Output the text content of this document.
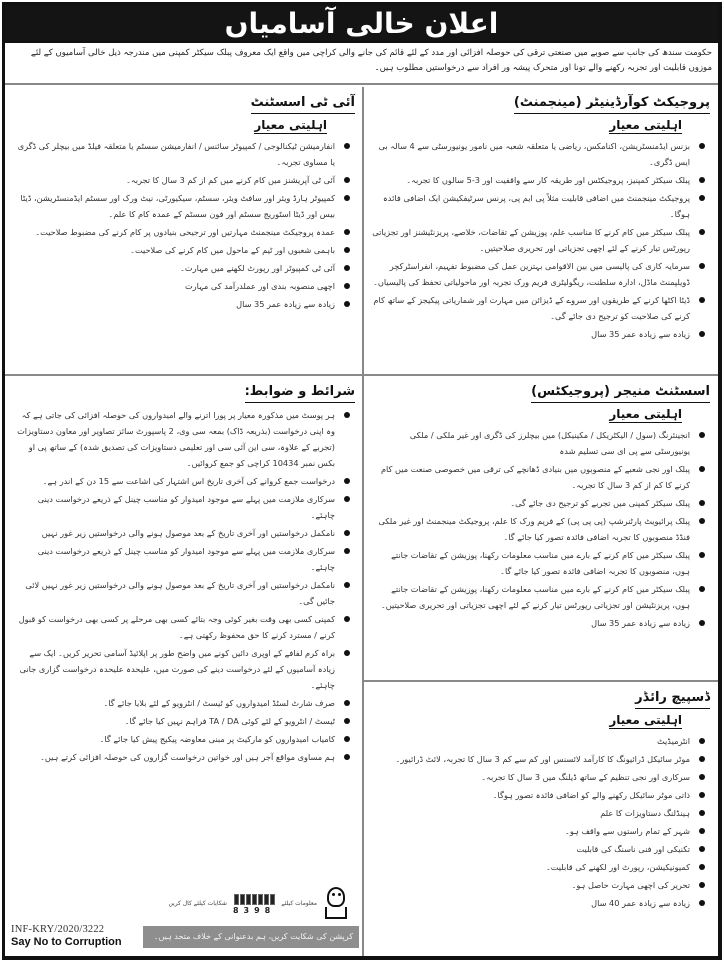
اعلان خالی آسامیاں
حکومت سندھ کی جانب سے صوبے میں صنعتی ترقی کی حوصلہ افزائی اور مدد کے لئے قائم کی جانے والی کراچی میں واقع ایک معروف پبلک سیکٹر کمپنی میں مندرجہ ذیل خالی آسامیوں کے لئے موزوں قابلیت اور تجربہ رکھنے والے تونا اور متحرک پیشہ ور افراد سے درخواستیں مطلوب ہیں۔
پروجیکٹ کوآرڈینیٹر (مینجمنٹ)
اہلیتی معیار
بزنس ایڈمنسٹریشن، اکنامکس، ریاضی یا متعلقہ شعبہ میں نامور یونیورسٹی سے 4 سالہ بی ایس ڈگری۔
پبلک سیکٹر کمپنیز، پروجیکٹس اور طریقہ کار سے واقفیت اور 3-5 سالوں کا تجربہ۔
پروجیکٹ مینجمنٹ میں اضافی قابلیت مثلاً پی ایم پی، پرنس سرٹیفکیشن ایک اضافی فائدہ ہوگا۔
پبلک سیکٹر میں کام کرنے کا مناسب علم، پوزیشن کے تقاضات، خلاصے، پریزنٹیشنز اور تجزیاتی رپورٹس تیار کرنے کے لئے اچھی تجزیاتی اور تحریری صلاحیتیں۔
سرمایہ کاری کی پالیسی میں بین الاقوامی بہترین عمل کی مضبوط تفہیم، انفراسٹرکچر ڈویلپمنٹ ماڈل، ادارہ سلطنت، ریگولیٹری فریم ورک تجربہ اور ماحولیاتی تحفظ کی پالیسیاں۔
ڈیٹا اکٹھا کرنے کے طریقوں اور سروے کے ڈیزائن میں مہارت اور شماریاتی پیکیجز کے ساتھ کام کرنے کی صلاحیت کو ترجیح دی جائے گی۔
زیادہ سے زیادہ عمر 35 سال
اسسٹنٹ منیجر (پروجیکٹس)
اہلیتی معیار
انجینئرنگ (سول / الیکٹریکل / مکینیکل) میں بیچلرز کی ڈگری اور غیر ملکی / ملکی یونیورسٹی سے پی ای سی تسلیم شدہ
پبلک اور نجی شعبے کے منصوبوں میں بنیادی ڈھانچے کی ترقی میں خصوصی صنعت میں کام کرنے کا کم از کم 3 سال کا تجربہ۔
پبلک سیکٹر کمپنی میں تجربے کو ترجیح دی جائے گی۔
پبلک پرائیویٹ پارٹنرشپ (پی پی پی) کے فریم ورک کا علم، پروجیکٹ مینجمنٹ اور غیر ملکی فنڈڈ منصوبوں کا تجربہ اضافی فائدہ تصور کیا جائے گا۔
پبلک سیکٹر میں کام کرنے کے بارے میں مناسب معلومات رکھنا، پوزیشن کے تقاضات جانتے ہوں، منصوبوں کا تجربہ اضافی فائدہ تصور کیا جائے گا۔
پبلک سیکٹر میں کام کرنے کے بارے میں مناسب معلومات رکھنا، پوزیشن کے تقاضات جانتے ہوں، پریزنٹیشن اور تجزیاتی رپورٹس تیار کرنے کے لئے اچھی تجزیاتی اور تحریری صلاحیتیں۔
زیادہ سے زیادہ عمر 35 سال
ڈسپیچ رائڈر
اہلیتی معیار
انٹرمیڈیٹ
موٹر سائیکل ڈرائیونگ کا کارآمد لائسنس اور کم سے کم 3 سال کا تجربہ، لائٹ ڈرائیور۔
سرکاری اور نجی تنظیم کے ساتھ ڈیلنگ میں 3 سال کا تجربہ۔
ذاتی موٹر سائیکل رکھنے والے کو اضافی فائدہ تصور ہوگا۔
ہینڈلنگ دستاویزات کا علم
شہر کے تمام راستوں سے واقف ہو۔
تکنیکی اور فنی ناسنگ کی قابلیت
کمیونیکیشن، رپورٹ اور لکھنے کی قابلیت۔
تحریر کی اچھی مہارت حاصل ہو۔
زیادہ سے زیادہ عمر 40 سال
آئی ٹی اسسٹنٹ
اہلیتی معیار
انفارمیشن ٹیکنالوجی / کمپیوٹر سائنس / انفارمیشن سسٹم یا متعلقہ فیلڈ میں بیچلر کی ڈگری یا مساوی تجربہ۔
آئی ٹی آپریشنز میں کام کرنے میں کم از کم 3 سال کا تجربہ۔
کمپیوٹر ہارڈ ویئر اور سافٹ ویئر، سسٹم، سیکیورٹی، نیٹ ورک اور سسٹم ایڈمنسٹریشن، ڈیٹا بیس اور ڈیٹا اسٹوریج سسٹم اور فون سسٹم کے عمدہ کام کا علم۔
عمدہ پروجیکٹ مینجمنٹ مہارتیں اور ترجیحی بنیادوں پر کام کرنے کی مضبوط صلاحیت۔
باہمی شعبوں اور ٹیم کے ماحول میں کام کرنے کی صلاحیت۔
آئی ٹی کمپیوٹر اور رپورٹ لکھنے میں مہارت۔
اچھی منصوبہ بندی اور عملدرآمد کی مہارت
زیادہ سے زیادہ عمر 35 سال
شرائط و ضوابط:
ہر پوسٹ میں مذکورہ معیار پر پورا اترنے والے امیدواروں کی حوصلہ افزائی کی جاتی ہے کہ وہ اپنی درخواست (بذریعہ ڈاک) بمعہ سی وی، 2 پاسپورٹ سائز تصاویر اور معاون دستاویزات (تجربے کے علاوہ، سی این آئی سی اور تعلیمی دستاویزات کی تصدیق شدہ) کے ساتھ پی او بکس نمبر 10434 کراچی کو جمع کروائیں۔
درخواست جمع کروانے کی آخری تاریخ اس اشتہار کی اشاعت سے 15 دن کے اندر ہے۔
سرکاری ملازمت میں پہلے سے موجود امیدوار کو مناسب چینل کے ذریعے درخواست دینی چاہئے۔
نامکمل درخواستیں اور آخری تاریخ کے بعد موصول ہونے والی درخواستیں زیر غور نہیں
سرکاری ملازمت میں پہلے سے موجود امیدوار کو مناسب چینل کے ذریعے درخواست دینی چاہئے۔
نامکمل درخواستیں اور آخری تاریخ کے بعد موصول ہونے والی درخواستیں زیر غور نہیں لائی جائیں گی۔
کمپنی کسی بھی وقت بغیر کوئی وجہ بتائے کسی بھی مرحلے پر کسی بھی درخواست کو قبول کرنے / مسترد کرنے کا حق محفوظ رکھتی ہے۔
براہ کرم لفافے کے اوپری دائیں کونے میں واضح طور پر اپلائیڈ آسامی تحریر کریں۔ ایک سے زیادہ آسامیوں کے لئے درخواست دینے کی صورت میں، علیحدہ علیحدہ درخواست گزاری جانی چاہئے۔
صرف شارٹ لسٹڈ امیدواروں کو ٹیسٹ / انٹرویو کے لئے بلایا جائے گا۔
ٹیسٹ / انٹرویو کے لئے کوئی TA / DA فراہم نہیں کیا جائے گا۔
کامیاب امیدواروں کو مارکیٹ پر مبنی معاوضہ پیکیج پیش کیا جائے گا۔
ہم مساوی مواقع آجر ہیں اور خواتین درخواست گزاروں کی حوصلہ افزائی کرتے ہیں۔
شکایات کیلئے کال کریں
8398
معلومات کیلئے
INF-KRY/2020/3222
Say No to Corruption	کرپشن کی شکایت کریں، ہم بدعنوانی کے خلاف متحد ہیں۔
